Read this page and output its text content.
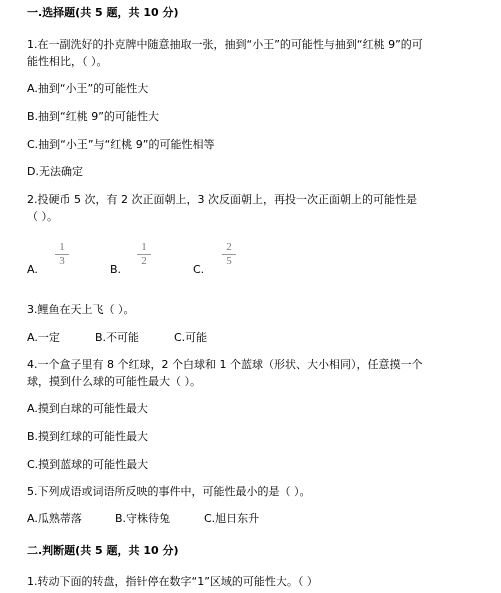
一.选择题(共 5 题，共 10 分)
1.在一副洗好的扑克牌中随意抽取一张，抽到“小王”的可能性与抽到“红桃 9”的可
能性相比，（ ）。
A.抽到“小王”的可能性大
B.抽到“红桃 9”的可能性大
C.抽到“小王”与“红桃 9”的可能性相等
D.无法确定
2.投硬币 5 次，有 2 次正面朝上，3 次反面朝上，再投一次正面朝上的可能性是
（ ）。
A.
1
3
B.
1
2
C.
2
5
3.鲤鱼在天上飞（ ）。
A.一定	B.不可能	C.可能
4.一个盒子里有 8 个红球，2 个白球和 1 个蓝球（形状、大小相同），任意摸一个
球，摸到什么球的可能性最大（ ）。
A.摸到白球的可能性最大
B.摸到红球的可能性最大
C.摸到蓝球的可能性最大
5.下列成语或词语所反映的事件中，可能性最小的是（ ）。
A.瓜熟蒂落	B.守株待兔	C.旭日东升
二.判断题(共 5 题，共 10 分)
1.转动下面的转盘，指针停在数字“1”区域的可能性大。（ ）
